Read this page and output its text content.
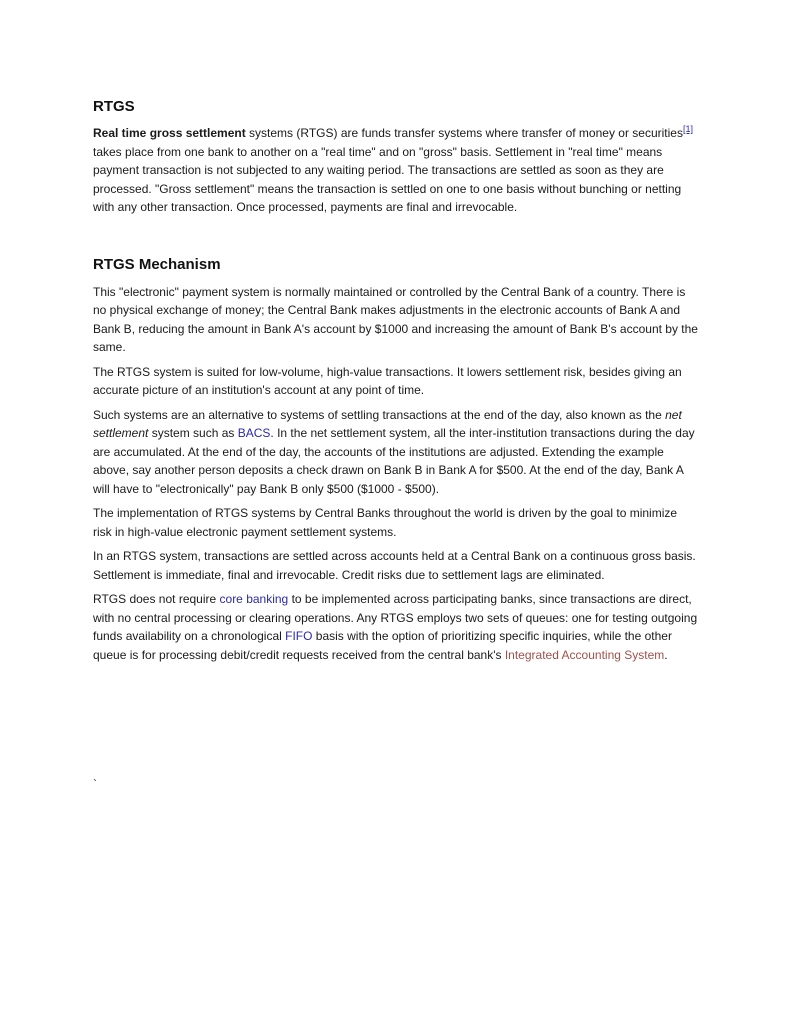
RTGS

Real time gross settlement systems (RTGS) are funds transfer systems where transfer of money or securities[1] takes place from one bank to another on a "real time" and on "gross" basis. Settlement in "real time" means payment transaction is not subjected to any waiting period. The transactions are settled as soon as they are processed. "Gross settlement" means the transaction is settled on one to one basis without bunching or netting with any other transaction. Once processed, payments are final and irrevocable.

RTGS Mechanism

This "electronic" payment system is normally maintained or controlled by the Central Bank of a country. There is no physical exchange of money; the Central Bank makes adjustments in the electronic accounts of Bank A and Bank B, reducing the amount in Bank A's account by $1000 and increasing the amount of Bank B's account by the same.

The RTGS system is suited for low-volume, high-value transactions. It lowers settlement risk, besides giving an accurate picture of an institution's account at any point of time.

Such systems are an alternative to systems of settling transactions at the end of the day, also known as the net settlement system such as BACS. In the net settlement system, all the inter-institution transactions during the day are accumulated. At the end of the day, the accounts of the institutions are adjusted. Extending the example above, say another person deposits a check drawn on Bank B in Bank A for $500. At the end of the day, Bank A will have to "electronically" pay Bank B only $500 ($1000 - $500).

The implementation of RTGS systems by Central Banks throughout the world is driven by the goal to minimize risk in high-value electronic payment settlement systems.

In an RTGS system, transactions are settled across accounts held at a Central Bank on a continuous gross basis. Settlement is immediate, final and irrevocable. Credit risks due to settlement lags are eliminated.

RTGS does not require core banking to be implemented across participating banks, since transactions are direct, with no central processing or clearing operations. Any RTGS employs two sets of queues: one for testing outgoing funds availability on a chronological FIFO basis with the option of prioritizing specific inquiries, while the other queue is for processing debit/credit requests received from the central bank's Integrated Accounting System.

`
